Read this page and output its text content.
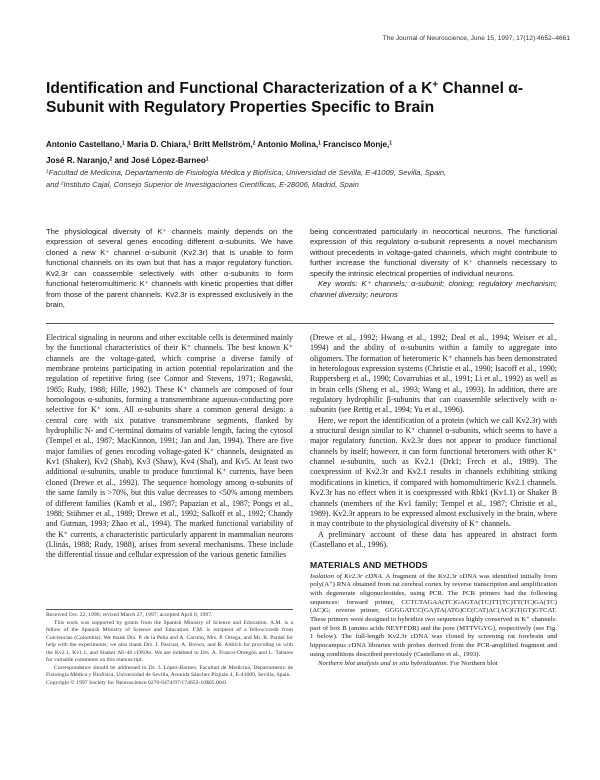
The Journal of Neuroscience, June 15, 1997, 17(12):4652–4661
Identification and Functional Characterization of a K+ Channel α-
Subunit with Regulatory Properties Specific to Brain
Antonio Castellano,$^1$ Maria D. Chiara,$^1$ Britt Mellström,$^2$ Antonio Molina,$^1$ Francisco Monje,$^1$
José R. Naranjo,$^2$ and José López-Barneo$^1$
$^1$Facultad de Medicina, Departamento de Fisiología Médica y Biofísica, Universidad de Sevilla, E-41009, Sevilla, Spain,
and $^2$Instituto Cajal, Consejo Superior de Investigaciones Científicas, E-28006, Madrid, Spain

The physiological diversity of K⁺ channels mainly depends on the expression of several genes encoding different α-subunits. We have cloned a new K⁺ channel α-subunit (Kv2.3r) that is unable to form functional channels on its own but that has a major regulatory function. Kv2.3r can coassemble selectively with other α-subunits to form functional heteromultimeric K⁺ channels with kinetic properties that differ from those of the parent channels. Kv2.3r is expressed exclusively in the brain,

being concentrated particularly in neocortical neurons. The functional expression of this regulatory α-subunit represents a novel mechanism without precedents in voltage-gated channels, which might contribute to further increase the functional diversity of K⁺ channels necessary to specify the intrinsic electrical properties of individual neurons.

Key words: K⁺ channels; α-subunit; cloning; regulatory mechanism; channel diversity; neurons

Electrical signaling in neurons and other excitable cells is determined mainly by the functional characteristics of their K⁺ channels. The best known K⁺ channels are the voltage-gated, which comprise a diverse family of membrane proteins participating in action potential repolarization and the regulation of repetitive firing (see Connor and Stevens, 1971; Rogawski, 1985; Rudy, 1988; Hille, 1992). These K⁺ channels are composed of four homologous α-subunits, forming a transmembrane aqueous-conducting pore selective for K⁺ ions. All α-subunits share a common general design: a central core with six putative transmembrane segments, flanked by hydrophilic N- and C-terminal domains of variable length, facing the cytosol (Tempel et al., 1987; MacKinnon, 1991; Jan and Jan, 1994). There are five major families of genes encoding voltage-gated K⁺ channels, designated as Kv1 (Shaker), Kv2 (Shab), Kv3 (Shaw), Kv4 (Shal), and Kv5. At least two additional α-subunits, unable to produce functional K⁺ currents, have been cloned (Drewe et al., 1992). The sequence homology among α-subunits of the same family is >70%, but this value decreases to <50% among members of different families (Kamb et al., 1987; Papazian et al., 1987; Pongs et al., 1988; Stühmer et al., 1989; Drewe et al., 1992; Salkoff et al., 1992; Chandy and Gutman, 1993; Zhao et al., 1994). The marked functional variability of the K⁺ currents, a characteristic particularly apparent in mammalian neurons (Llinás, 1988; Rudy, 1988), arises from several mechanisms. These include the differential tissue and cellular expression of the various genetic families

Received Oct. 22, 1996; revised March 27, 1997; accepted April 8, 1997.

This work was supported by grants from the Spanish Ministry of Science and Education. A.M. is a fellow of the Spanish Ministry of Science and Education. F.M. is recipient of a fellow/credit from Colciencias (Colombia). We thank Drs. P. de la Peña and A. Carrión, Mrs. P. Ortega, and Mr. R. Pardal for help with the experiments; we also thank Drs. J. Pascual, A. Brown, and R. Aldrich for providing us with the Kv2.1, Kv1.1, and Shaker Δ6–46 cDNAs. We are indebted to Drs. A. Franco-Obregón and L. Tabares for valuable comments on this manuscript.

Correspondence should be addressed to Dr. J. López-Barneo, Facultad de Medicina, Departamento de Fisiología Médica y Biofísica, Universidad de Sevilla, Avenida Sánchez Pizjuán 4, E-41009, Sevilla, Spain.

Copyright © 1997 Society for Neuroscience 0270-6474/97/174652-10$05.00/0

(Drewe et al., 1992; Hwang et al., 1992; Deal et al., 1994; Weiser et al., 1994) and the ability of α-subunits within a family to aggregate into oligomers. The formation of heteromeric K⁺ channels has been demonstrated in heterologous expression systems (Christie et al., 1990; Isacoff et al., 1990; Ruppersberg et al., 1990; Covarrubias et al., 1991; Li et al., 1992) as well as in brain cells (Sheng et al., 1993; Wang et al., 1993). In addition, there are regulatory hydrophilic β-subunits that can coassemble selectively with α-subunits (see Rettig et al., 1994; Yu et al., 1996).

Here, we report the identification of a protein (which we call Kv2.3r) with a structural design similar to K⁺ channel α-subunits, which seems to have a major regulatory function. Kv2.3r does not appear to produce functional channels by itself; however, it can form functional heteromers with other K⁺ channel α-subunits, such as Kv2.1 (Drk1; Frech et al., 1989). The coexpression of Kv2.3r and Kv2.1 results in channels exhibiting striking modifications in kinetics, if compared with homomultimeric Kv2.1 channels. Kv2.3r has no effect when it is coexpressed with Rbk1 (Kv1.1) or Shaker B channels (members of the Kv1 family; Tempel et al., 1987; Christie et al., 1989). Kv2.3r appears to be expressed almost exclusively in the brain, where it may contribute to the physiological diversity of K⁺ channels.

A preliminary account of these data has appeared in abstract form (Castellano et al., 1996).

MATERIALS AND METHODS

Isolation of Kv2.3r cDNA. A fragment of the Kv2.3r cDNA was identified initially from poly(A⁺) RNA obtained from rat cerebral cortex by reverse transcription and amplification with degenerate oligonucleotides, using PCR. The PCR primers had the following sequences: forward primer, CCTCTAGAA(TC)GAGTA(TC)TT(TC)TT(TC)GA(TC)(AC)G; reverse primer, GGGGATCC(GA)TA(ATG)CC(CAT)AC(AC)GT(GT)GTCAT. These primers were designed to hybridize two sequences highly conserved in K⁺ channels: part of box B (amino acids NEYFFDR) and the pore (MTTVGYG), respectively (see Fig. 1 below). The full-length Kv2.3r cDNA was cloned by screening rat forebrain and hippocampus cDNA libraries with probes derived from the PCR-amplified fragment and using conditions described previously (Castellano et al., 1993).

Northern blot analysis and in situ hybridization. For Northern blot
